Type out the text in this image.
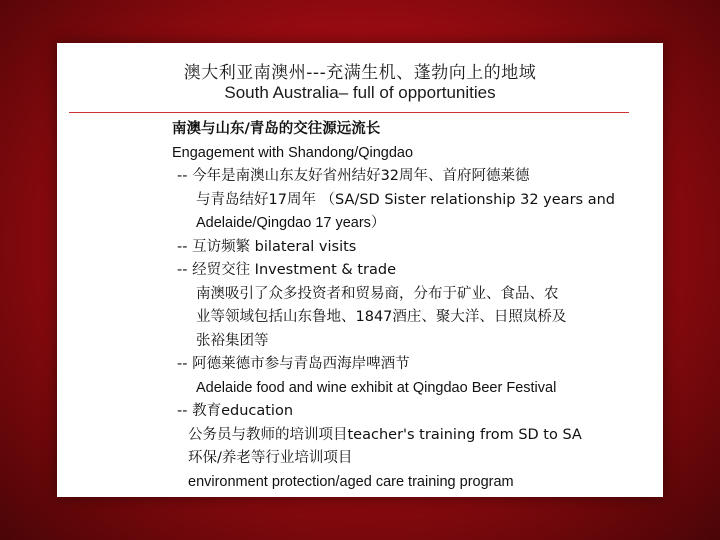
澳大利亚南澳州---充满生机、蓬勃向上的地域
South Australia– full of opportunities
南澳与山东/青岛的交往源远流长
Engagement with Shandong/Qingdao
-- 今年是南澳山东友好省州结好32周年、首府阿德莱德
与青岛结好17周年 （SA/SD Sister relationship 32 years and
Adelaide/Qingdao 17 years）
-- 互访频繁 bilateral visits
-- 经贸交往 Investment & trade
南澳吸引了众多投资者和贸易商，分布于矿业、食品、农
业等领域包括山东鲁地、1847酒庄、聚大洋、日照岚桥及
张裕集团等
-- 阿德莱德市参与青岛西海岸啤酒节
Adelaide food and wine exhibit at Qingdao Beer Festival
-- 教育education
公务员与教师的培训项目teacher's training from SD to SA
环保/养老等行业培训项目
environment protection/aged care training program
